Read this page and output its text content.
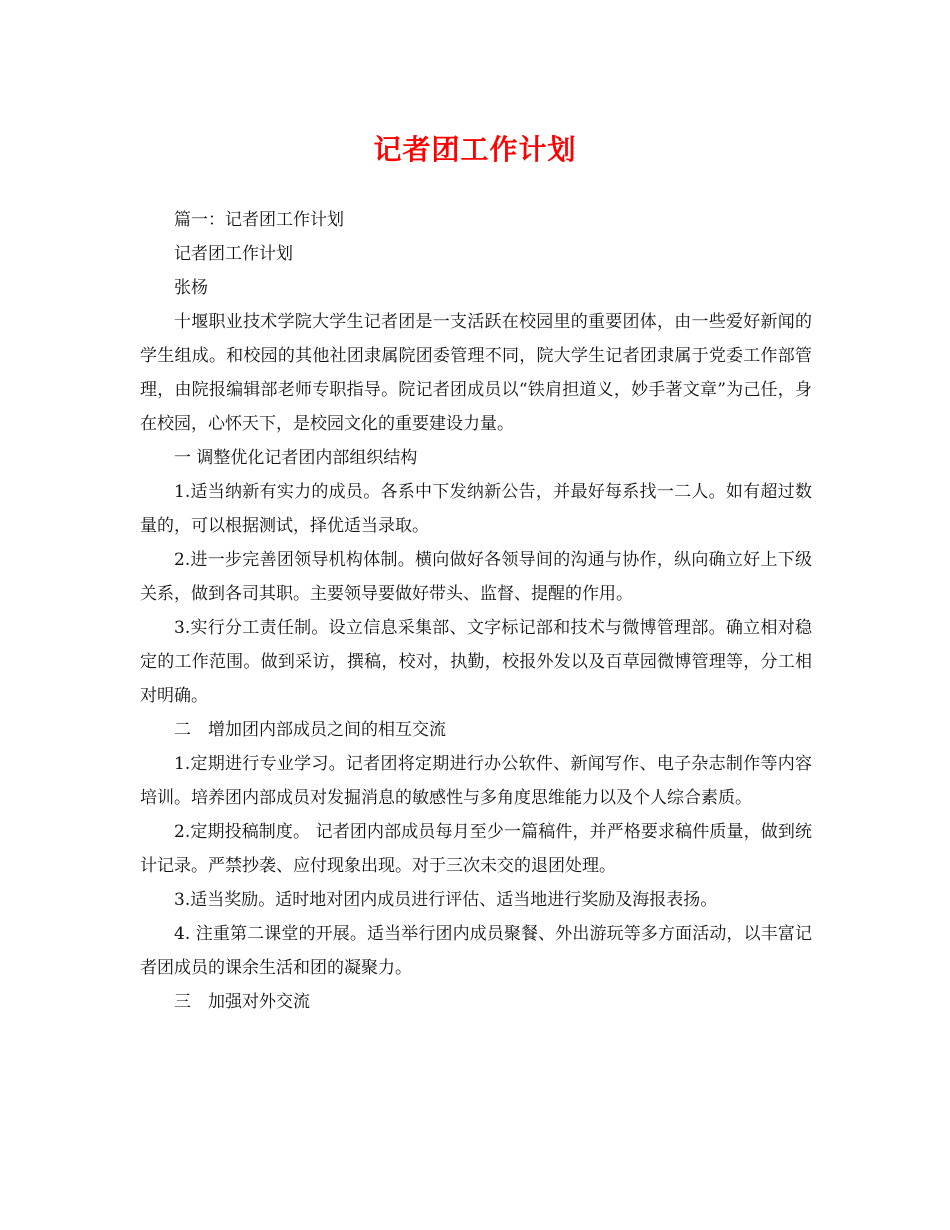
记者团工作计划

篇一：记者团工作计划

记者团工作计划

张杨

十堰职业技术学院大学生记者团是一支活跃在校园里的重要团体，由一些爱好新闻的学生组成。和校园的其他社团隶属院团委管理不同，院大学生记者团隶属于党委工作部管理，由院报编辑部老师专职指导。院记者团成员以“铁肩担道义，妙手著文章”为己任，身在校园，心怀天下，是校园文化的重要建设力量。

一 调整优化记者团内部组织结构

1.适当纳新有实力的成员。各系中下发纳新公告，并最好每系找一二人。如有超过数量的，可以根据测试，择优适当录取。

2.进一步完善团领导机构体制。横向做好各领导间的沟通与协作，纵向确立好上下级关系，做到各司其职。主要领导要做好带头、监督、提醒的作用。

3.实行分工责任制。设立信息采集部、文字标记部和技术与微博管理部。确立相对稳定的工作范围。做到采访，撰稿，校对，执勤，校报外发以及百草园微博管理等，分工相对明确。

二　增加团内部成员之间的相互交流

1.定期进行专业学习。记者团将定期进行办公软件、新闻写作、电子杂志制作等内容培训。培养团内部成员对发掘消息的敏感性与多角度思维能力以及个人综合素质。

2.定期投稿制度。 记者团内部成员每月至少一篇稿件，并严格要求稿件质量，做到统计记录。严禁抄袭、应付现象出现。对于三次未交的退团处理。

3.适当奖励。适时地对团内成员进行评估、适当地进行奖励及海报表扬。

4. 注重第二课堂的开展。适当举行团内成员聚餐、外出游玩等多方面活动，以丰富记者团成员的课余生活和团的凝聚力。

三　加强对外交流
